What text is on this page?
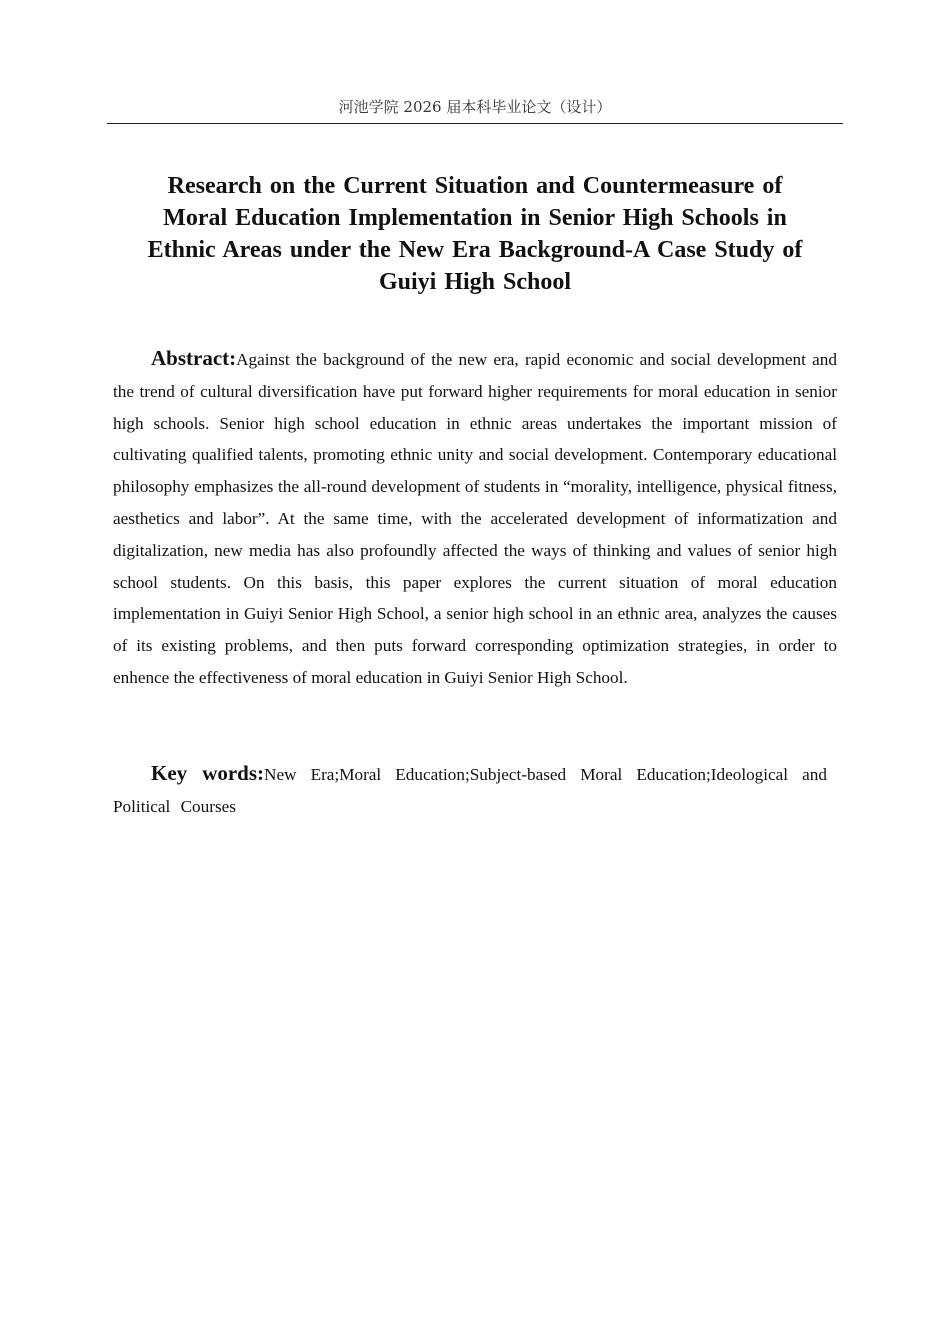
河池学院 2026 届本科毕业论文（设计）
Research on the Current Situation and Countermeasure of
Moral Education Implementation in Senior High Schools in
Ethnic Areas under the New Era Background-A Case Study of
Guiyi High School

Abstract:Against the background of the new era, rapid economic and social development and the trend of cultural diversification have put forward higher requirements for moral education in senior high schools. Senior high school education in ethnic areas undertakes the important mission of cultivating qualified talents, promoting ethnic unity and social development. Contemporary educational philosophy emphasizes the all-round development of students in “morality, intelligence, physical fitness, aesthetics and labor”. At the same time, with the accelerated development of informatization and digitalization, new media has also profoundly affected the ways of thinking and values of senior high school students. On this basis, this paper explores the current situation of moral education implementation in Guiyi Senior High School, a senior high school in an ethnic area, analyzes the causes of its existing problems, and then puts forward corresponding optimization strategies, in order to enhence the effectiveness of moral education in Guiyi Senior High School.

Key words:New Era;Moral Education;Subject-based Moral Education;Ideological and Political Courses
